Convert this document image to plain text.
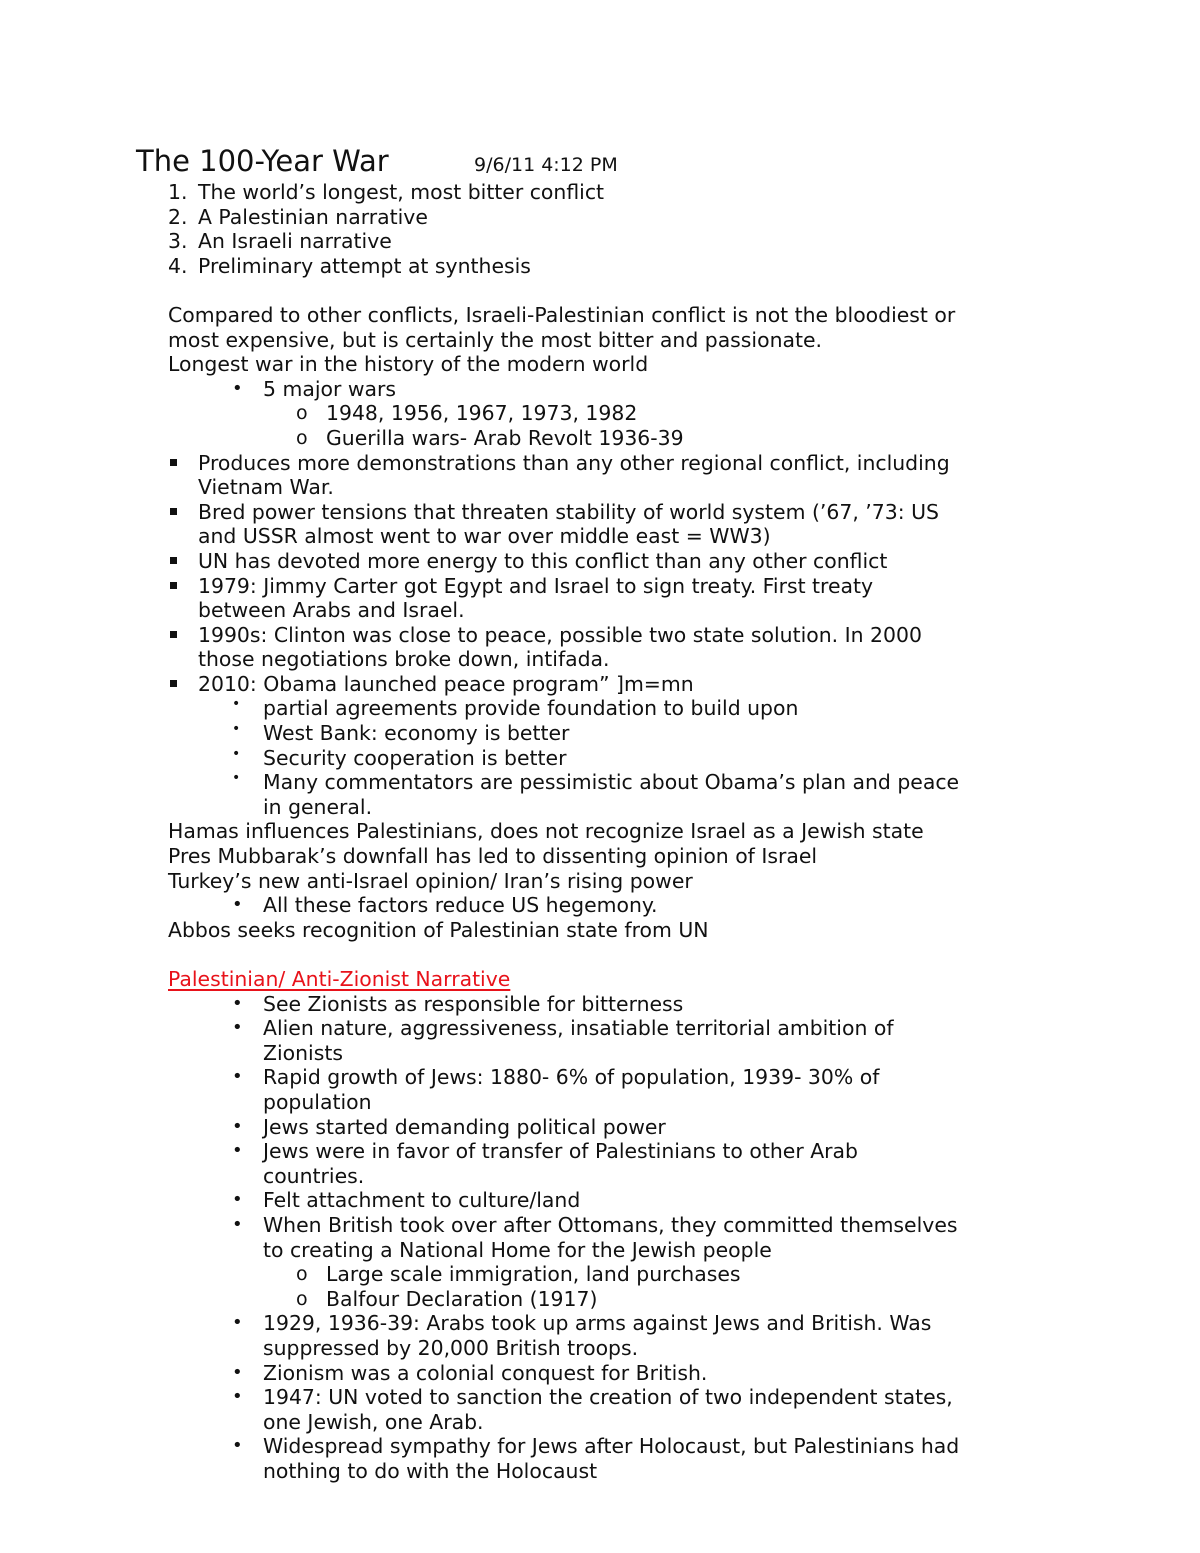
The 100-Year War	9/6/11 4:12 PM
1. The world’s longest, most bitter conflict
2. A Palestinian narrative
3. An Israeli narrative
4. Preliminary attempt at synthesis
Compared to other conflicts, Israeli-Palestinian conflict is not the bloodiest or
most expensive, but is certainly the most bitter and passionate.
Longest war in the history of the modern world
• 5 major wars
o 1948, 1956, 1967, 1973, 1982
o Guerilla wars- Arab Revolt 1936-39
Produces more demonstrations than any other regional conflict, including
Vietnam War.
Bred power tensions that threaten stability of world system (’67, ’73: US
and USSR almost went to war over middle east = WW3)
UN has devoted more energy to this conflict than any other conflict
1979: Jimmy Carter got Egypt and Israel to sign treaty. First treaty
between Arabs and Israel.
1990s: Clinton was close to peace, possible two state solution. In 2000
those negotiations broke down, intifada.
2010: Obama launched peace program” ]m=mn
• partial agreements provide foundation to build upon
• West Bank: economy is better
• Security cooperation is better
• Many commentators are pessimistic about Obama’s plan and peace
in general.
Hamas influences Palestinians, does not recognize Israel as a Jewish state
Pres Mubbarak’s downfall has led to dissenting opinion of Israel
Turkey’s new anti-Israel opinion/ Iran’s rising power
• All these factors reduce US hegemony.
Abbos seeks recognition of Palestinian state from UN
Palestinian/ Anti-Zionist Narrative
• See Zionists as responsible for bitterness
• Alien nature, aggressiveness, insatiable territorial ambition of
Zionists
• Rapid growth of Jews: 1880- 6% of population, 1939- 30% of
population
• Jews started demanding political power
• Jews were in favor of transfer of Palestinians to other Arab
countries.
• Felt attachment to culture/land
• When British took over after Ottomans, they committed themselves
to creating a National Home for the Jewish people
o Large scale immigration, land purchases
o Balfour Declaration (1917)
• 1929, 1936-39: Arabs took up arms against Jews and British. Was
suppressed by 20,000 British troops.
• Zionism was a colonial conquest for British.
• 1947: UN voted to sanction the creation of two independent states,
one Jewish, one Arab.
• Widespread sympathy for Jews after Holocaust, but Palestinians had
nothing to do with the Holocaust
